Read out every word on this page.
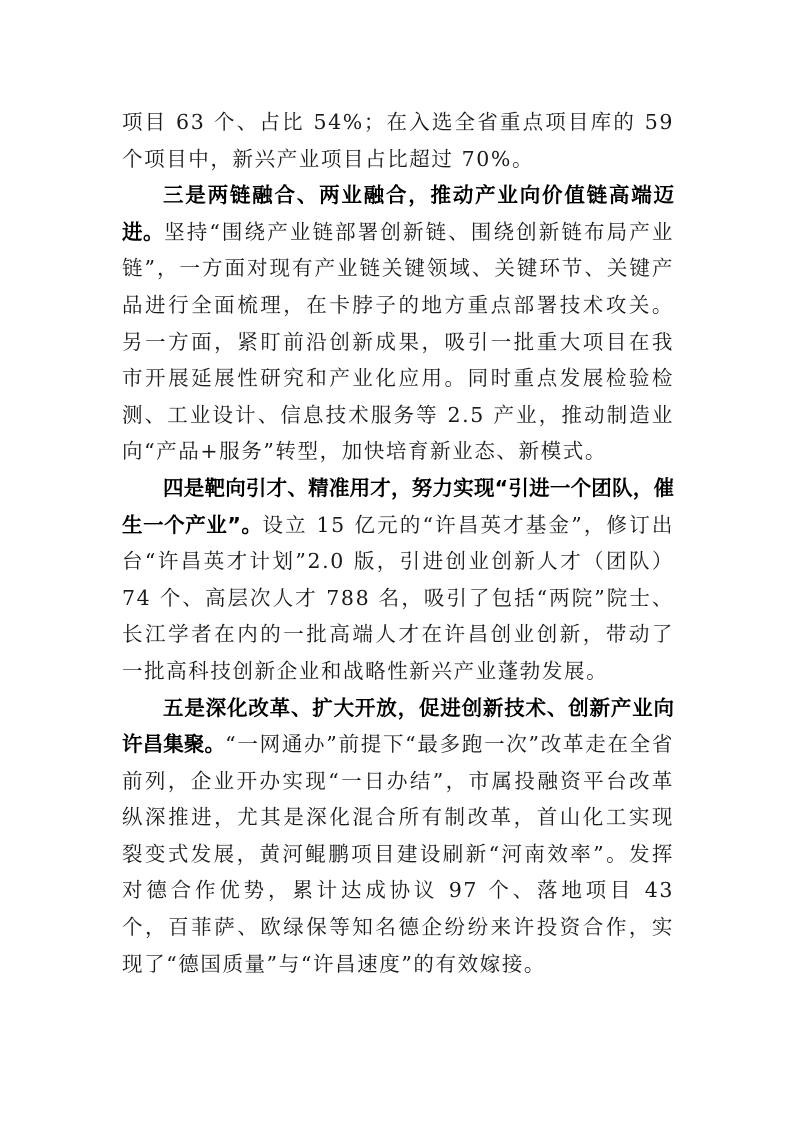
项目 63 个、占比 54%；在入选全省重点项目库的 59 个项目中，新兴产业项目占比超过 70%。

三是两链融合、两业融合，推动产业向价值链高端迈进。坚持“围绕产业链部署创新链、围绕创新链布局产业链”，一方面对现有产业链关键领域、关键环节、关键产品进行全面梳理，在卡脖子的地方重点部署技术攻关。另一方面，紧盯前沿创新成果，吸引一批重大项目在我市开展延展性研究和产业化应用。同时重点发展检验检测、工业设计、信息技术服务等 2.5 产业，推动制造业向“产品+服务”转型，加快培育新业态、新模式。

四是靶向引才、精准用才，努力实现“引进一个团队，催生一个产业”。设立 15 亿元的“许昌英才基金”，修订出台“许昌英才计划”2.0 版，引进创业创新人才（团队）74 个、高层次人才 788 名，吸引了包括“两院”院士、长江学者在内的一批高端人才在许昌创业创新，带动了一批高科技创新企业和战略性新兴产业蓬勃发展。

五是深化改革、扩大开放，促进创新技术、创新产业向许昌集聚。“一网通办”前提下“最多跑一次”改革走在全省前列，企业开办实现“一日办结”，市属投融资平台改革纵深推进，尤其是深化混合所有制改革，首山化工实现裂变式发展，黄河鲲鹏项目建设刷新“河南效率”。发挥对德合作优势，累计达成协议 97 个、落地项目 43 个，百菲萨、欧绿保等知名德企纷纷来许投资合作，实现了“德国质量”与“许昌速度”的有效嫁接。
